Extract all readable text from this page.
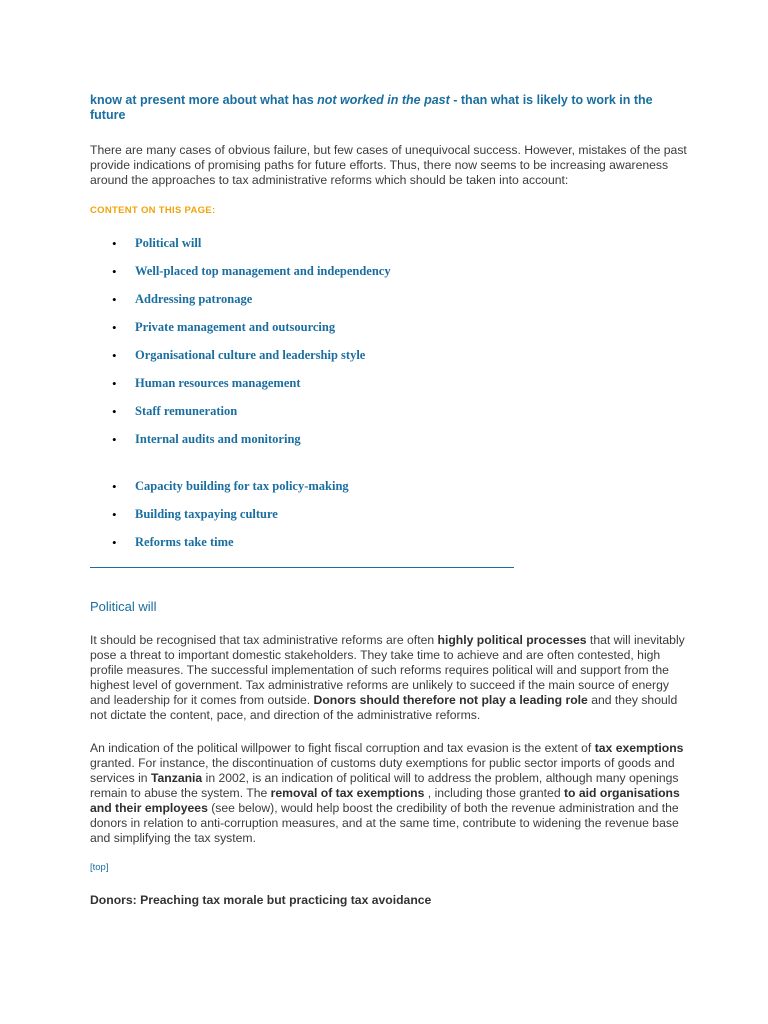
know at present more about what has not worked in the past - than what is likely to work in the future

There are many cases of obvious failure, but few cases of unequivocal success. However, mistakes of the past provide indications of promising paths for future efforts. Thus, there now seems to be increasing awareness around the approaches to tax administrative reforms which should be taken into account:

CONTENT ON THIS PAGE:
• Political will
• Well-placed top management and independency
• Addressing patronage
• Private management and outsourcing
• Organisational culture and leadership style
• Human resources management
• Staff remuneration
• Internal audits and monitoring
• Capacity building for tax policy-making
• Building taxpaying culture
• Reforms take time
Political will

It should be recognised that tax administrative reforms are often highly political processes that will inevitably pose a threat to important domestic stakeholders. They take time to achieve and are often contested, high profile measures. The successful implementation of such reforms requires political will and support from the highest level of government. Tax administrative reforms are unlikely to succeed if the main source of energy and leadership for it comes from outside. Donors should therefore not play a leading role and they should not dictate the content, pace, and direction of the administrative reforms.

An indication of the political willpower to fight fiscal corruption and tax evasion is the extent of tax exemptions granted. For instance, the discontinuation of customs duty exemptions for public sector imports of goods and services in Tanzania in 2002, is an indication of political will to address the problem, although many openings remain to abuse the system. The removal of tax exemptions , including those granted to aid organisations and their employees (see below), would help boost the credibility of both the revenue administration and the donors in relation to anti-corruption measures, and at the same time, contribute to widening the revenue base and simplifying the tax system.

[top]
Donors: Preaching tax morale but practicing tax avoidance
